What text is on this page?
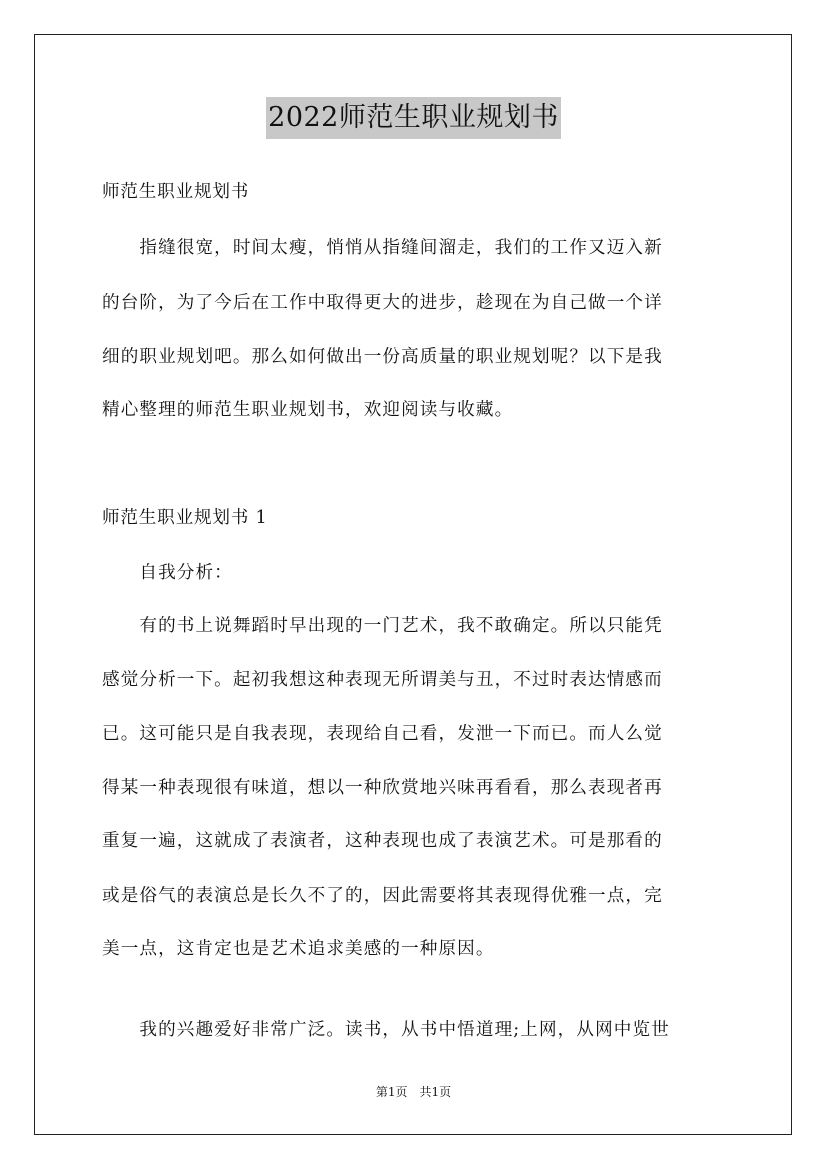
2022师范生职业规划书
师范生职业规划书
　　指缝很宽，时间太瘦，悄悄从指缝间溜走，我们的工作又迈入新
的台阶，为了今后在工作中取得更大的进步，趁现在为自己做一个详
细的职业规划吧。那么如何做出一份高质量的职业规划呢？以下是我
精心整理的师范生职业规划书，欢迎阅读与收藏。
师范生职业规划书 1
　　自我分析：
　　有的书上说舞蹈时早出现的一门艺术，我不敢确定。所以只能凭
感觉分析一下。起初我想这种表现无所谓美与丑，不过时表达情感而
已。这可能只是自我表现，表现给自己看，发泄一下而已。而人么觉
得某一种表现很有味道，想以一种欣赏地兴味再看看，那么表现者再
重复一遍，这就成了表演者，这种表现也成了表演艺术。可是那看的
或是俗气的表演总是长久不了的，因此需要将其表现得优雅一点，完
美一点，这肯定也是艺术追求美感的一种原因。
　　我的兴趣爱好非常广泛。读书，从书中悟道理;上网，从网中览世
第1页　共1页
